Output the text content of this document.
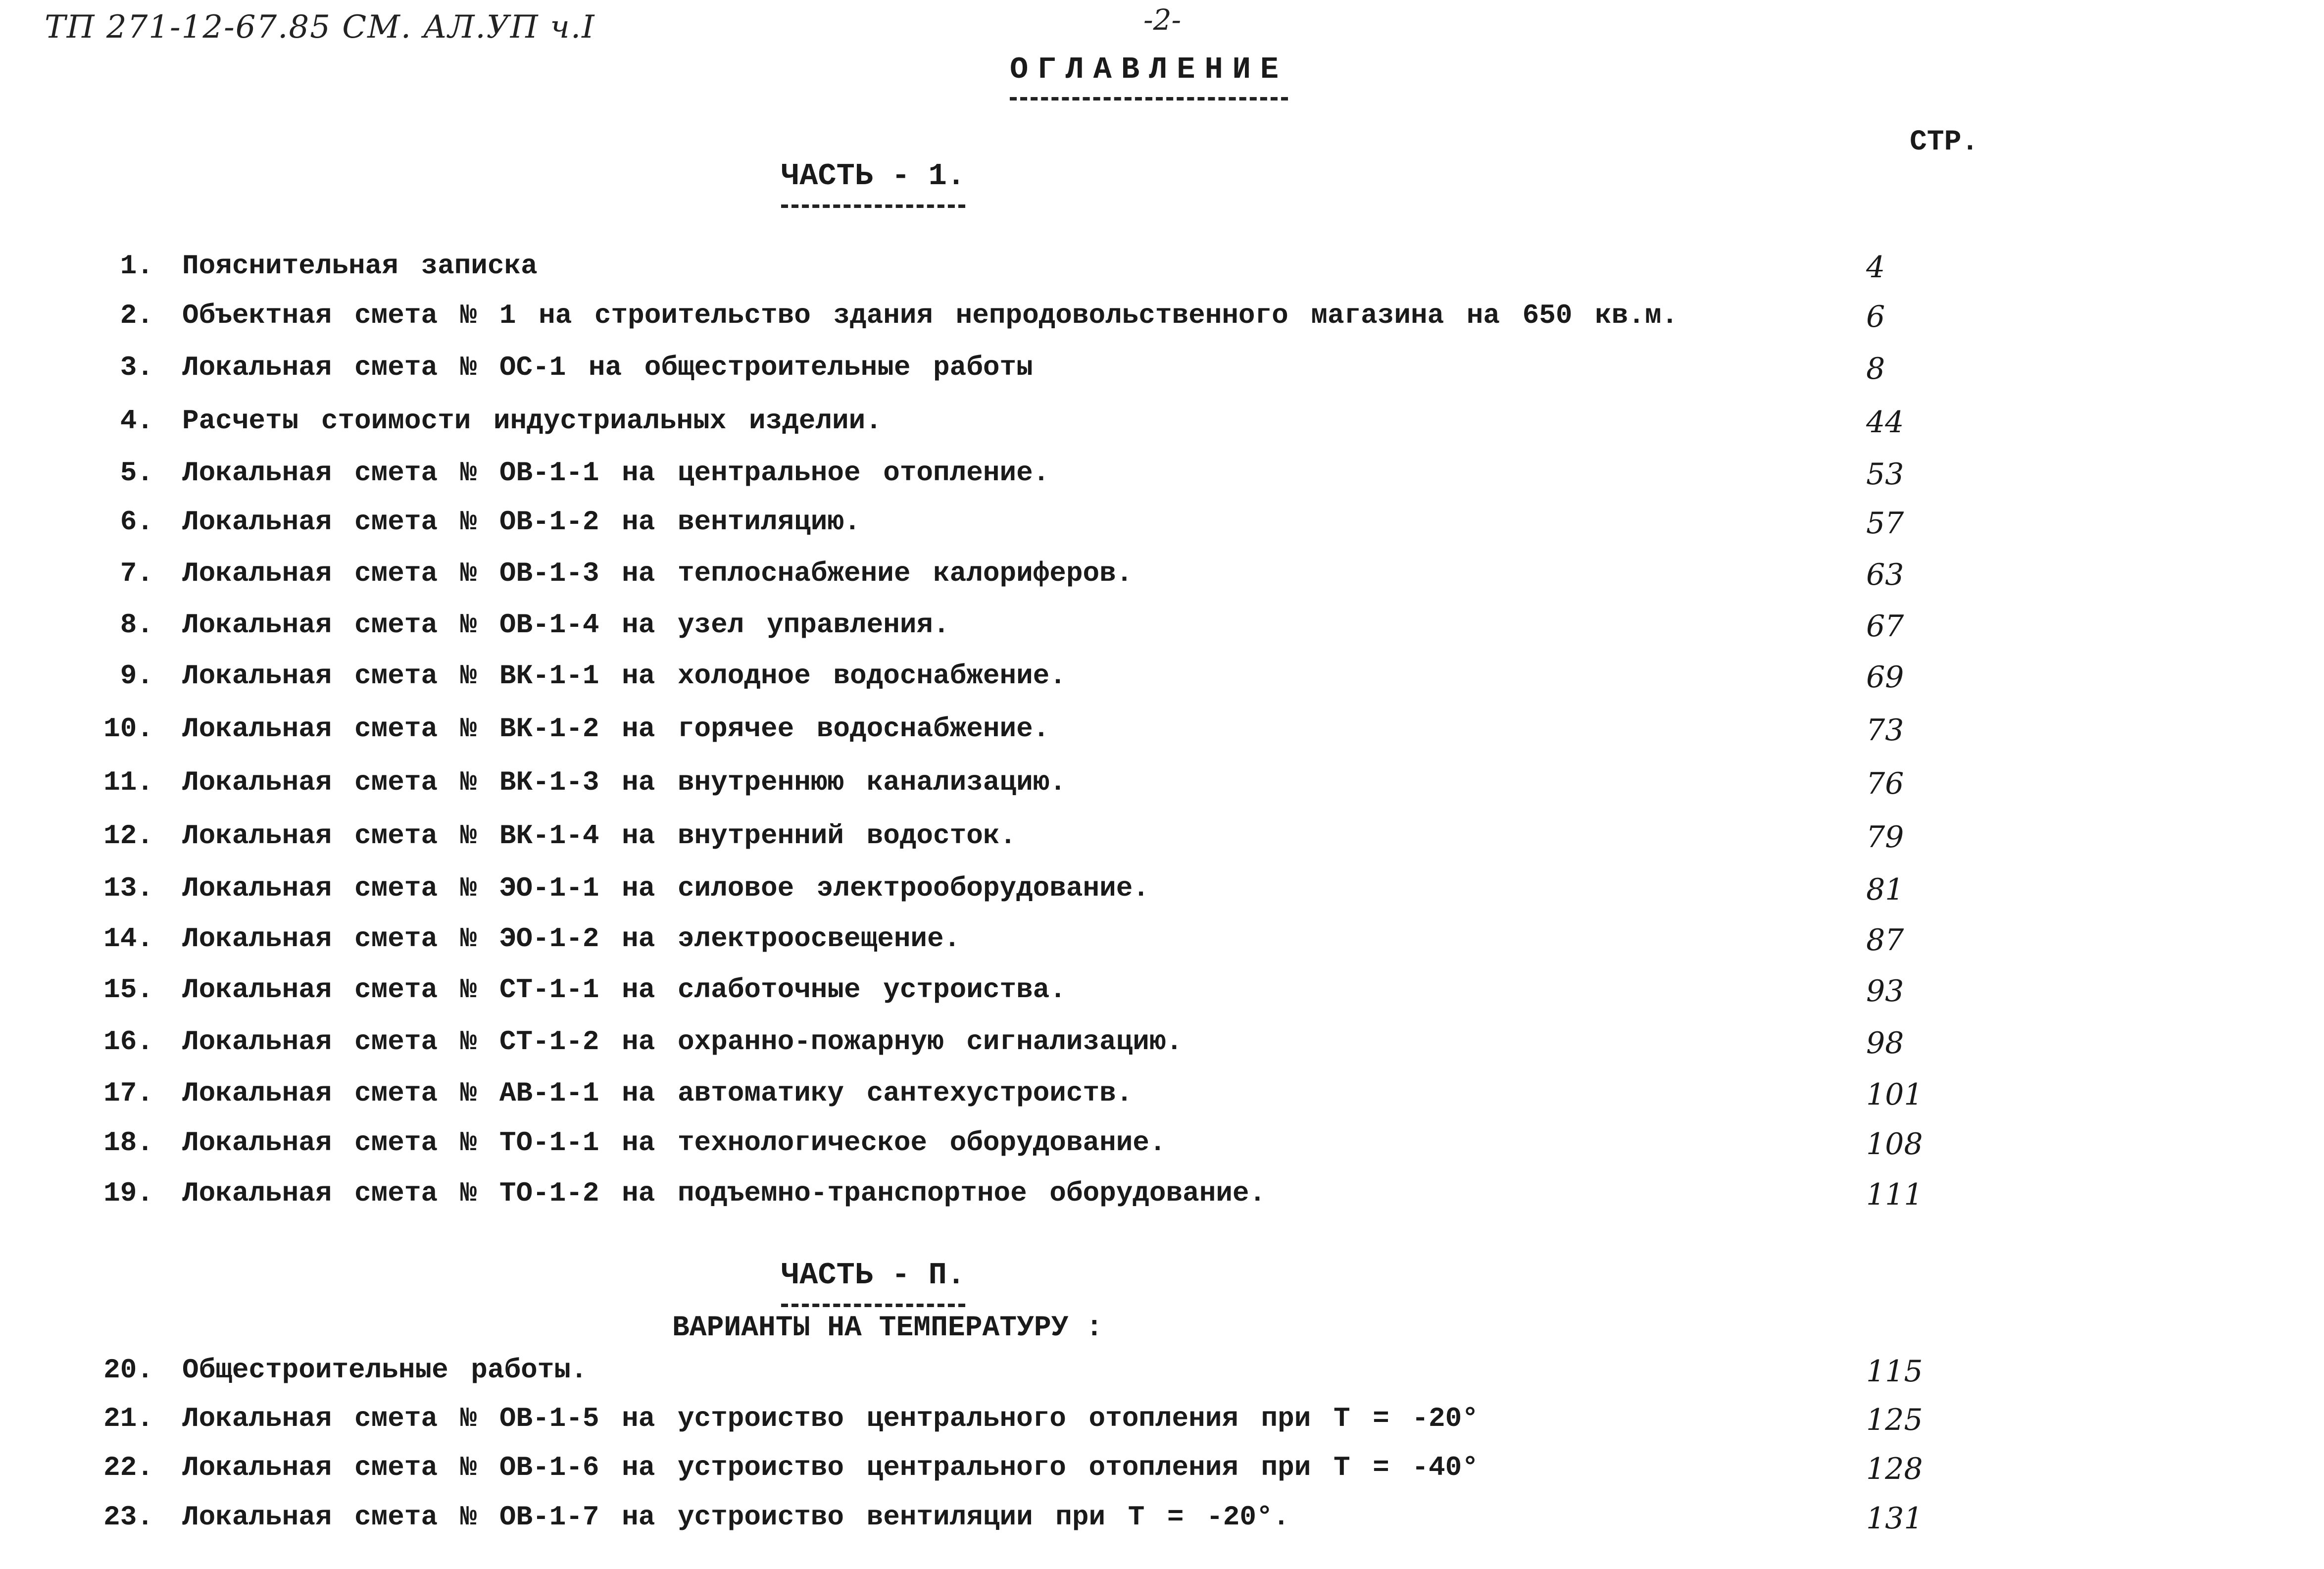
ТП 271-12-67.85 СМ. АЛ.УП ч.I	-2-
ОГЛАВЛЕНИЕ
СТР.
ЧАСТЬ - 1.
1. Пояснительная записка	4
2. Объектная смета № 1 на строительство здания непродовольственного магазина на 650 кв.м.	6
3. Локальная смета № ОС-1 на общестроительные работы	8
4. Расчеты стоимости индустриальных изделии.	44
5. Локальная смета № ОВ-1-1 на центральное отопление.	53
6. Локальная смета № ОВ-1-2 на вентиляцию.	57
7. Локальная смета № ОВ-1-3 на теплоснабжение калориферов.	63
8. Локальная смета № ОВ-1-4 на узел управления.	67
9. Локальная смета № ВК-1-1 на холодное водоснабжение.	69
10. Локальная смета № ВК-1-2 на горячее водоснабжение.	73
11. Локальная смета № ВК-1-3 на внутреннюю канализацию.	76
12. Локальная смета № ВК-1-4 на внутренний водосток.	79
13. Локальная смета № ЭО-1-1 на силовое электрооборудование.	81
14. Локальная смета № ЭО-1-2 на электроосвещение.	87
15. Локальная смета № СТ-1-1 на слаботочные устроиства.	93
16. Локальная смета № СТ-1-2 на охранно-пожарную сигнализацию.	98
17. Локальная смета № АВ-1-1 на автоматику сантехустроиств.	101
18. Локальная смета № ТО-1-1 на технологическое оборудование.	108
19. Локальная смета № ТО-1-2 на подъемно-транспортное оборудование.	111
ЧАСТЬ - П.
ВАРИАНТЫ НА ТЕМПЕРАТУРУ :
20. Общестроительные работы.	115
21. Локальная смета № ОВ-1-5 на устроиство центрального отопления при Т = -20°	125
22. Локальная смета № ОВ-1-6 на устроиство центрального отопления при Т = -40°	128
23. Локальная смета № ОВ-1-7 на устроиство вентиляции при Т = -20°.	131
